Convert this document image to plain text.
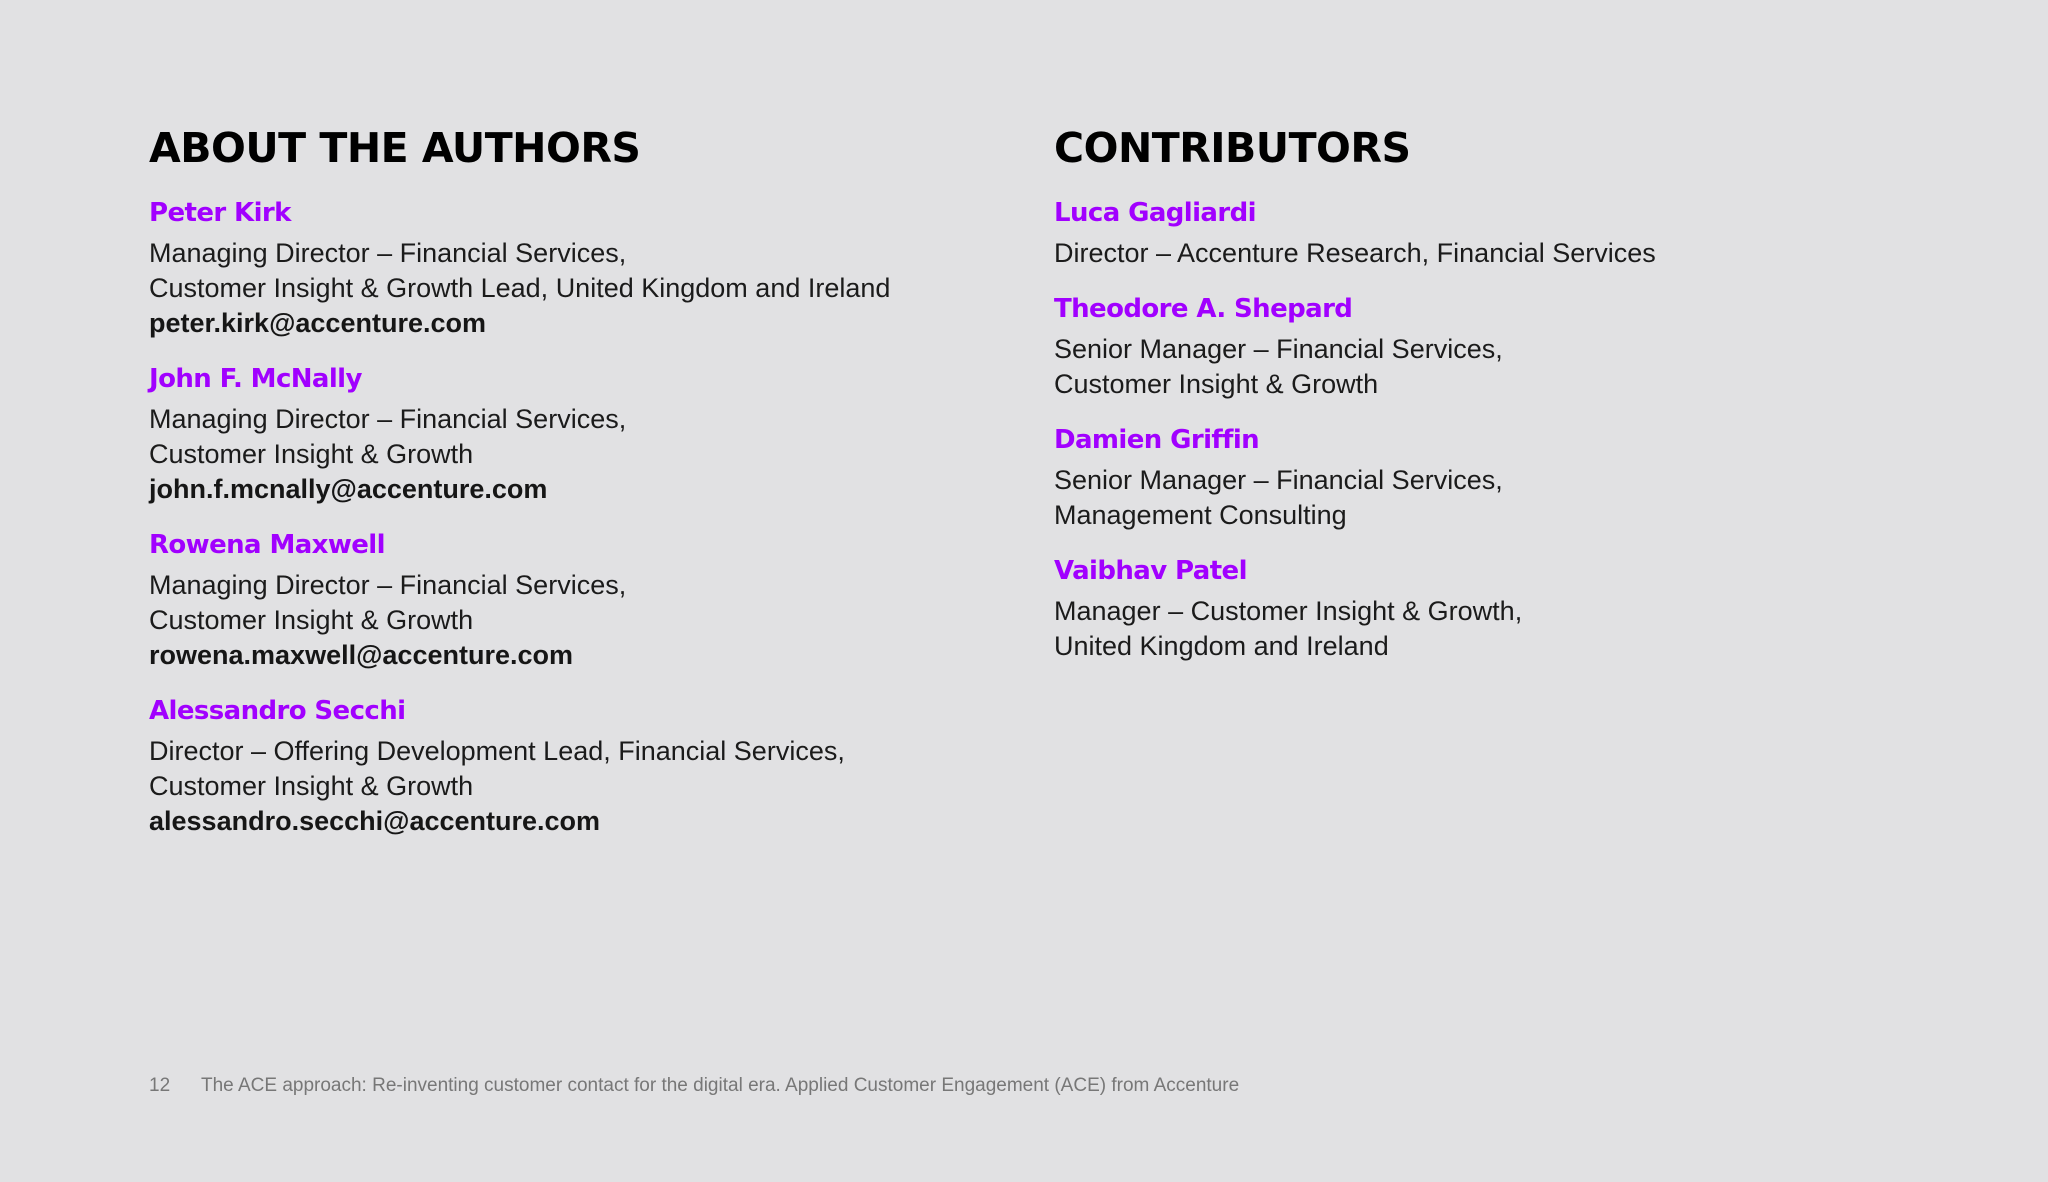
ABOUT THE AUTHORS
Peter Kirk
Managing Director – Financial Services,
Customer Insight & Growth Lead, United Kingdom and Ireland
peter.kirk@accenture.com
John F. McNally
Managing Director – Financial Services,
Customer Insight & Growth
john.f.mcnally@accenture.com
Rowena Maxwell
Managing Director – Financial Services,
Customer Insight & Growth
rowena.maxwell@accenture.com
Alessandro Secchi
Director – Offering Development Lead, Financial Services,
Customer Insight & Growth
alessandro.secchi@accenture.com
CONTRIBUTORS
Luca Gagliardi
Director – Accenture Research, Financial Services
Theodore A. Shepard
Senior Manager – Financial Services,
Customer Insight & Growth
Damien Griffin
Senior Manager – Financial Services,
Management Consulting
Vaibhav Patel
Manager – Customer Insight & Growth,
United Kingdom and Ireland
12 The ACE approach: Re-inventing customer contact for the digital era. Applied Customer Engagement (ACE) from Accenture
